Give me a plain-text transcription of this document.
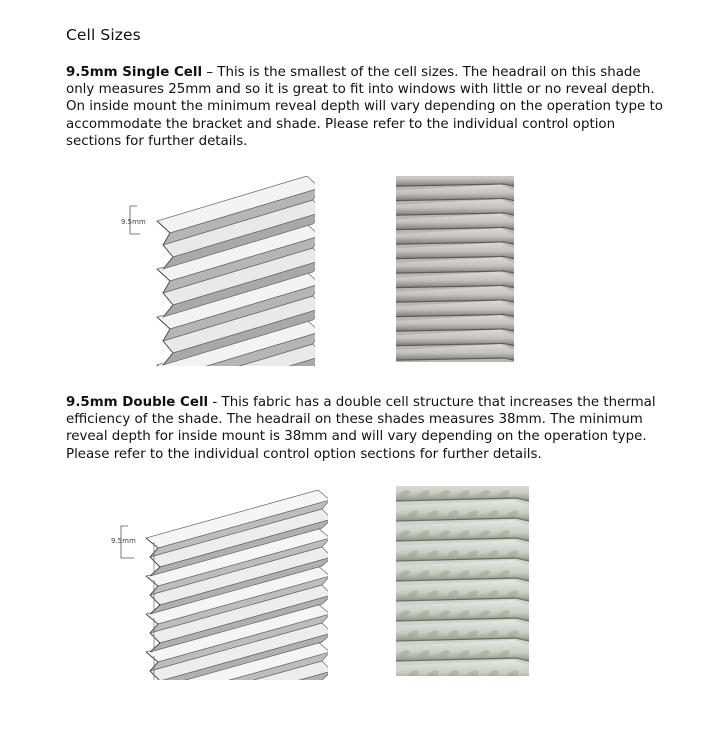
Cell Sizes
9.5mm Single Cell – This is the smallest of the cell sizes. The headrail on this shade only measures 25mm and so it is great to fit into windows with little or no reveal depth. On inside mount the minimum reveal depth will vary depending on the operation type to accommodate the bracket and shade. Please refer to the individual control option sections for further details.
9.5mm
9.5mm Double Cell - This fabric has a double cell structure that increases the thermal efficiency of the shade. The headrail on these shades measures 38mm. The minimum reveal depth for inside mount is 38mm and will vary depending on the operation type. Please refer to the individual control option sections for further details.
9.5mm
